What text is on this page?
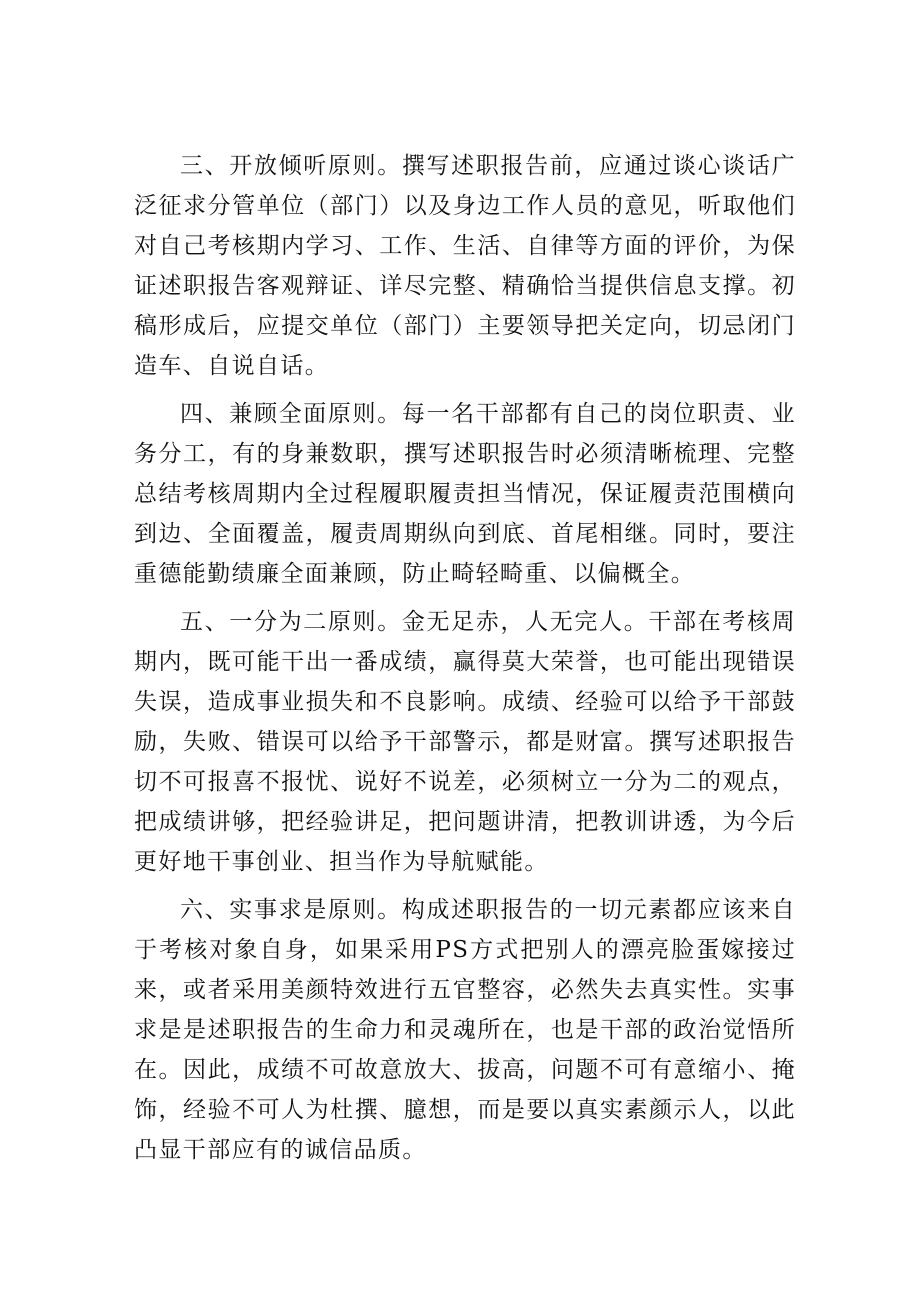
三、开放倾听原则。撰写述职报告前，应通过谈心谈话广泛征求分管单位（部门）以及身边工作人员的意见，听取他们对自己考核期内学习、工作、生活、自律等方面的评价，为保证述职报告客观辩证、详尽完整、精确恰当提供信息支撑。初稿形成后，应提交单位（部门）主要领导把关定向，切忌闭门造车、自说自话。

四、兼顾全面原则。每一名干部都有自己的岗位职责、业务分工，有的身兼数职，撰写述职报告时必须清晰梳理、完整总结考核周期内全过程履职履责担当情况，保证履责范围横向到边、全面覆盖，履责周期纵向到底、首尾相继。同时，要注重德能勤绩廉全面兼顾，防止畸轻畸重、以偏概全。

五、一分为二原则。金无足赤，人无完人。干部在考核周期内，既可能干出一番成绩，赢得莫大荣誉，也可能出现错误失误，造成事业损失和不良影响。成绩、经验可以给予干部鼓励，失败、错误可以给予干部警示，都是财富。撰写述职报告切不可报喜不报忧、说好不说差，必须树立一分为二的观点，把成绩讲够，把经验讲足，把问题讲清，把教训讲透，为今后更好地干事创业、担当作为导航赋能。

六、实事求是原则。构成述职报告的一切元素都应该来自于考核对象自身，如果采用PS方式把别人的漂亮脸蛋嫁接过来，或者采用美颜特效进行五官整容，必然失去真实性。实事求是是述职报告的生命力和灵魂所在，也是干部的政治觉悟所在。因此，成绩不可故意放大、拔高，问题不可有意缩小、掩饰，经验不可人为杜撰、臆想，而是要以真实素颜示人，以此凸显干部应有的诚信品质。
